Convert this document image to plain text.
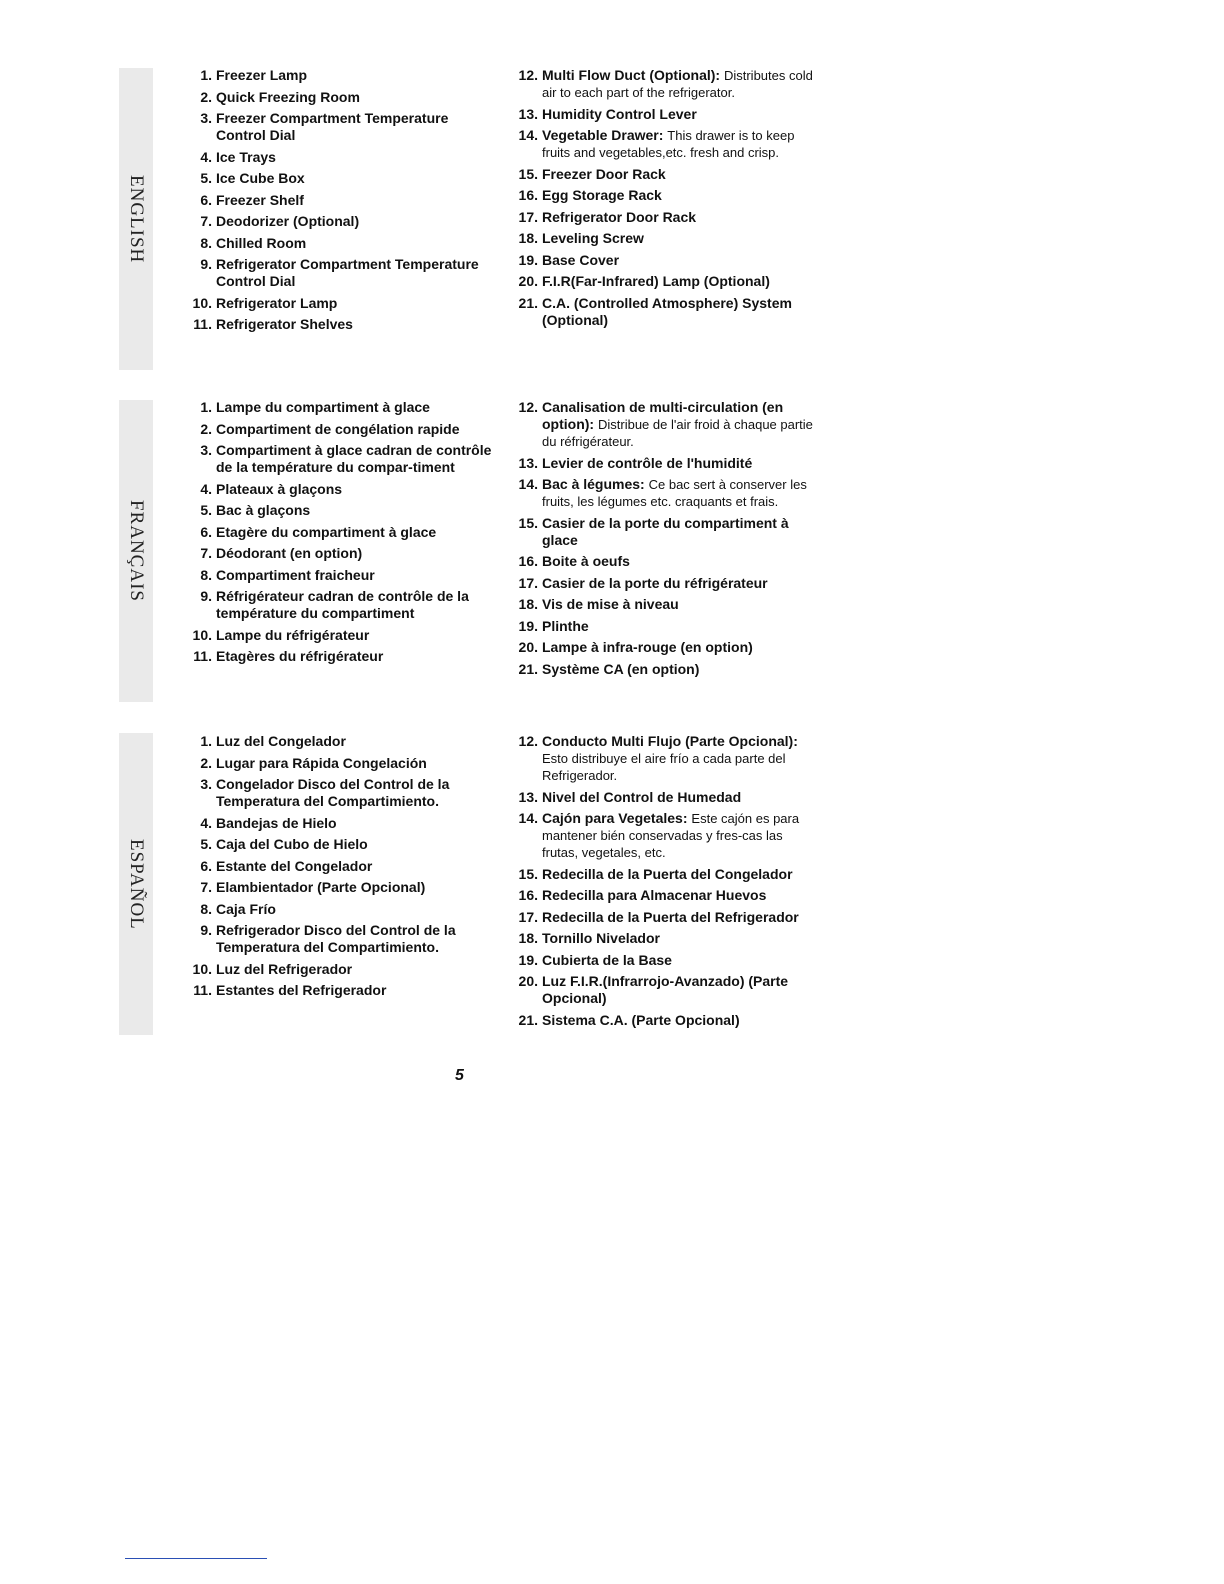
ENGLISH
1. Freezer Lamp
2. Quick Freezing Room
3. Freezer Compartment Temperature Control Dial
4. Ice Trays
5. Ice Cube Box
6. Freezer Shelf
7. Deodorizer (Optional)
8. Chilled Room
9. Refrigerator Compartment Temperature Control Dial
10. Refrigerator Lamp
11. Refrigerator Shelves
12. Multi Flow Duct (Optional): Distributes cold air to each part of the refrigerator.
13. Humidity Control Lever
14. Vegetable Drawer: This drawer is to keep fruits and vegetables,etc. fresh and crisp.
15. Freezer Door Rack
16. Egg Storage Rack
17. Refrigerator Door Rack
18. Leveling Screw
19. Base Cover
20. F.I.R(Far-Infrared) Lamp (Optional)
21. C.A. (Controlled Atmosphere) System (Optional)
FRANÇAIS
1. Lampe du compartiment à glace
2. Compartiment de congélation rapide
3. Compartiment à glace cadran de contrôle de la température du compar-timent
4. Plateaux à glaçons
5. Bac à glaçons
6. Etagère du compartiment à glace
7. Déodorant (en option)
8. Compartiment fraicheur
9. Réfrigérateur cadran de contrôle de la température du compartiment
10. Lampe du réfrigérateur
11. Etagères du réfrigérateur
12. Canalisation de multi-circulation (en option): Distribue de l'air froid à chaque partie du réfrigérateur.
13. Levier de contrôle de l'humidité
14. Bac à légumes: Ce bac sert à conserver les fruits, les légumes etc. craquants et frais.
15. Casier de la porte du compartiment à glace
16. Boite à oeufs
17. Casier de la porte du réfrigérateur
18. Vis de mise à niveau
19. Plinthe
20. Lampe à infra-rouge (en option)
21. Système CA (en option)
ESPAÑOL
1. Luz del Congelador
2. Lugar para Rápida Congelación
3. Congelador Disco del Control de la Temperatura del Compartimiento.
4. Bandejas de Hielo
5. Caja del Cubo de Hielo
6. Estante del Congelador
7. Elambientador (Parte Opcional)
8. Caja Frío
9. Refrigerador Disco del Control de la Temperatura del Compartimiento.
10. Luz del Refrigerador
11. Estantes del Refrigerador
12. Conducto Multi Flujo (Parte Opcional): Esto distribuye el aire frío a cada parte del Refrigerador.
13. Nivel del Control de Humedad
14. Cajón para Vegetales: Este cajón es para mantener bién conservadas y fres-cas las frutas, vegetales, etc.
15. Redecilla de la Puerta del Congelador
16. Redecilla para Almacenar Huevos
17. Redecilla de la Puerta del Refrigerador
18. Tornillo Nivelador
19. Cubierta de la Base
20. Luz F.I.R.(Infrarrojo-Avanzado) (Parte Opcional)
21. Sistema C.A. (Parte Opcional)
5
